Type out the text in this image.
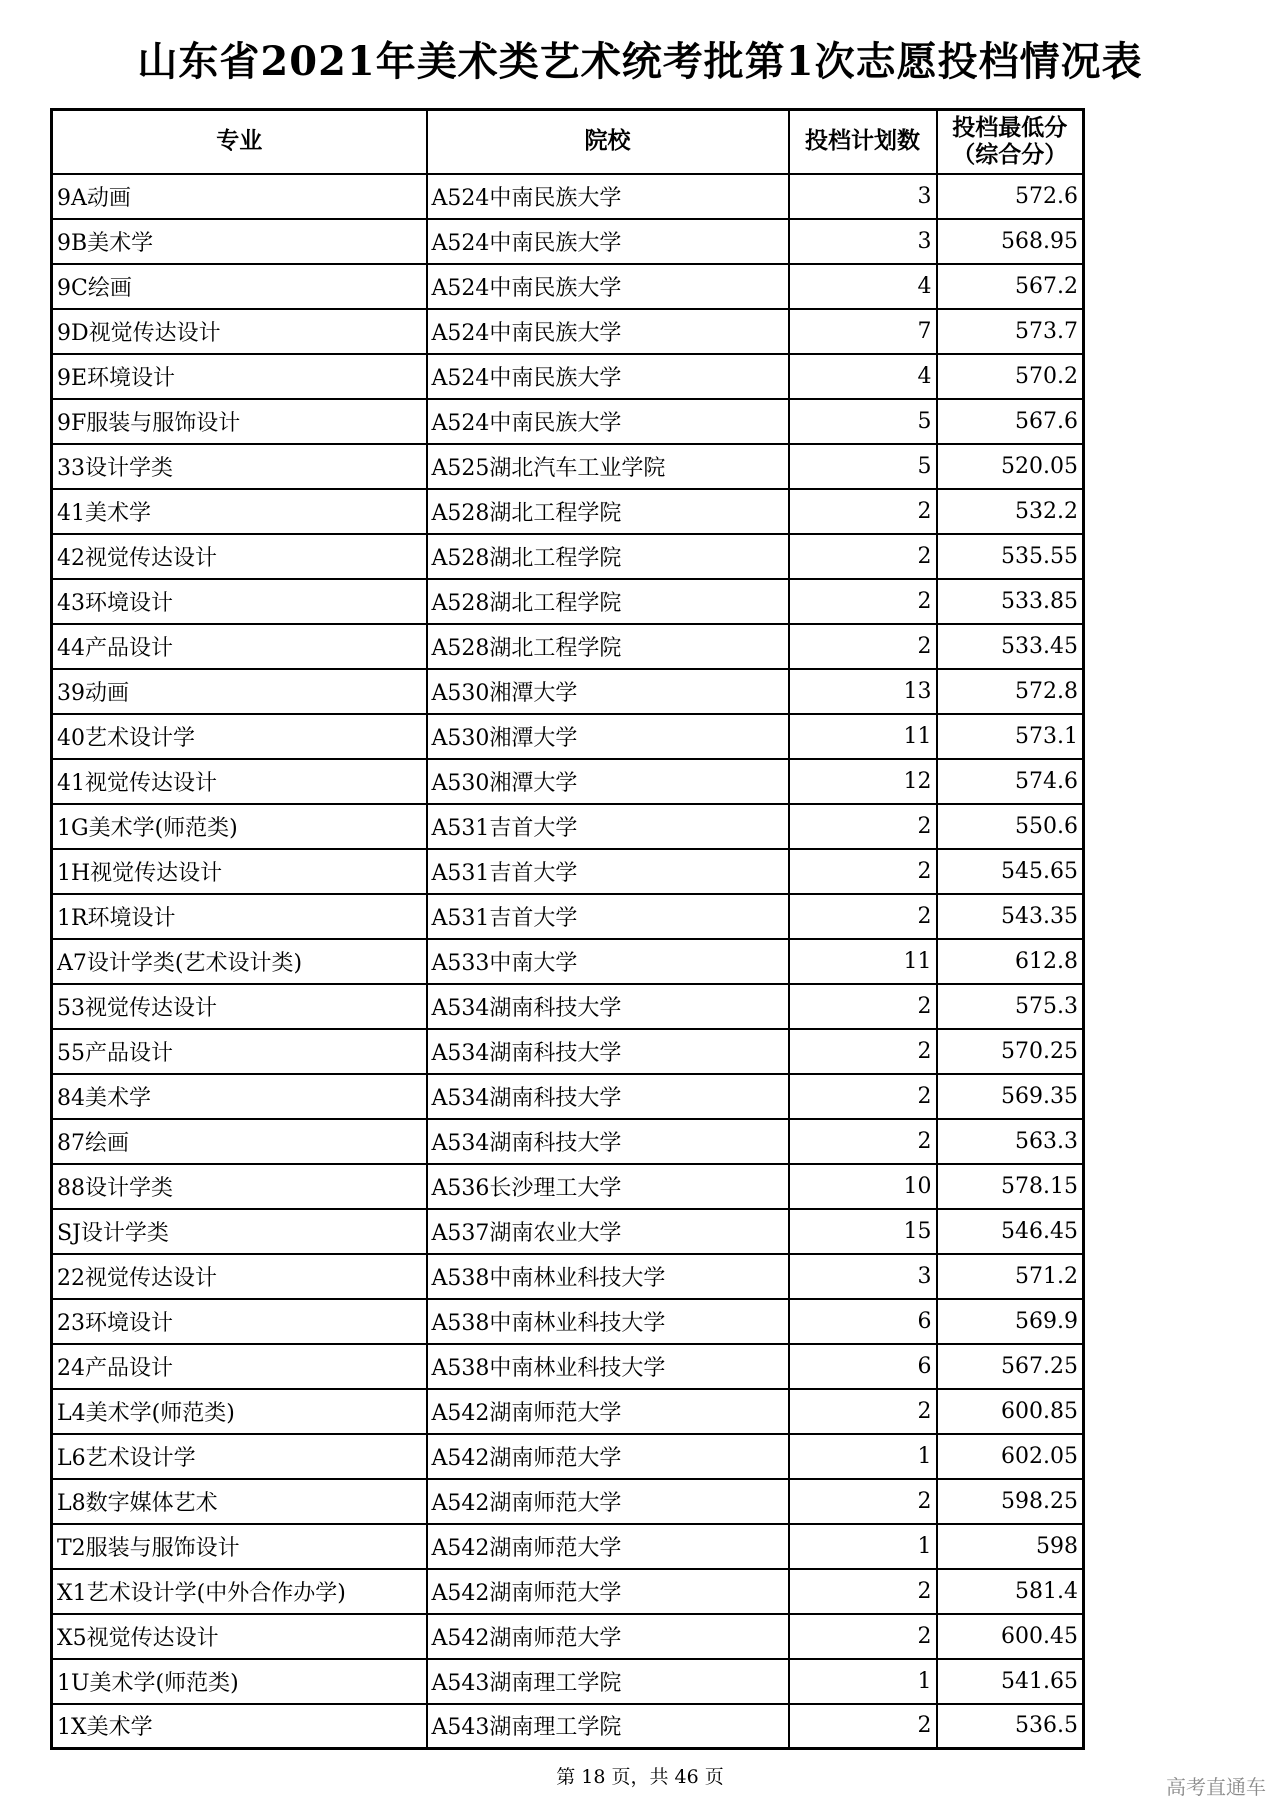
山东省2021年美术类艺术统考批第1次志愿投档情况表
专业	院校	投档计划数	投档最低分
（综合分）

9A动画	A524中南民族大学	3	572.6
9B美术学	A524中南民族大学	3	568.95
9C绘画	A524中南民族大学	4	567.2
9D视觉传达设计	A524中南民族大学	7	573.7
9E环境设计	A524中南民族大学	4	570.2
9F服装与服饰设计	A524中南民族大学	5	567.6
33设计学类	A525湖北汽车工业学院	5	520.05
41美术学	A528湖北工程学院	2	532.2
42视觉传达设计	A528湖北工程学院	2	535.55
43环境设计	A528湖北工程学院	2	533.85
44产品设计	A528湖北工程学院	2	533.45
39动画	A530湘潭大学	13	572.8
40艺术设计学	A530湘潭大学	11	573.1
41视觉传达设计	A530湘潭大学	12	574.6
1G美术学(师范类)	A531吉首大学	2	550.6
1H视觉传达设计	A531吉首大学	2	545.65
1R环境设计	A531吉首大学	2	543.35
A7设计学类(艺术设计类)	A533中南大学	11	612.8
53视觉传达设计	A534湖南科技大学	2	575.3
55产品设计	A534湖南科技大学	2	570.25
84美术学	A534湖南科技大学	2	569.35
87绘画	A534湖南科技大学	2	563.3
88设计学类	A536长沙理工大学	10	578.15
SJ设计学类	A537湖南农业大学	15	546.45
22视觉传达设计	A538中南林业科技大学	3	571.2
23环境设计	A538中南林业科技大学	6	569.9
24产品设计	A538中南林业科技大学	6	567.25
L4美术学(师范类)	A542湖南师范大学	2	600.85
L6艺术设计学	A542湖南师范大学	1	602.05
L8数字媒体艺术	A542湖南师范大学	2	598.25
T2服装与服饰设计	A542湖南师范大学	1	598
X1艺术设计学(中外合作办学)	A542湖南师范大学	2	581.4
X5视觉传达设计	A542湖南师范大学	2	600.45
1U美术学(师范类)	A543湖南理工学院	1	541.65
1X美术学	A543湖南理工学院	2	536.5
第 18 页，共 46 页	高考直通车
